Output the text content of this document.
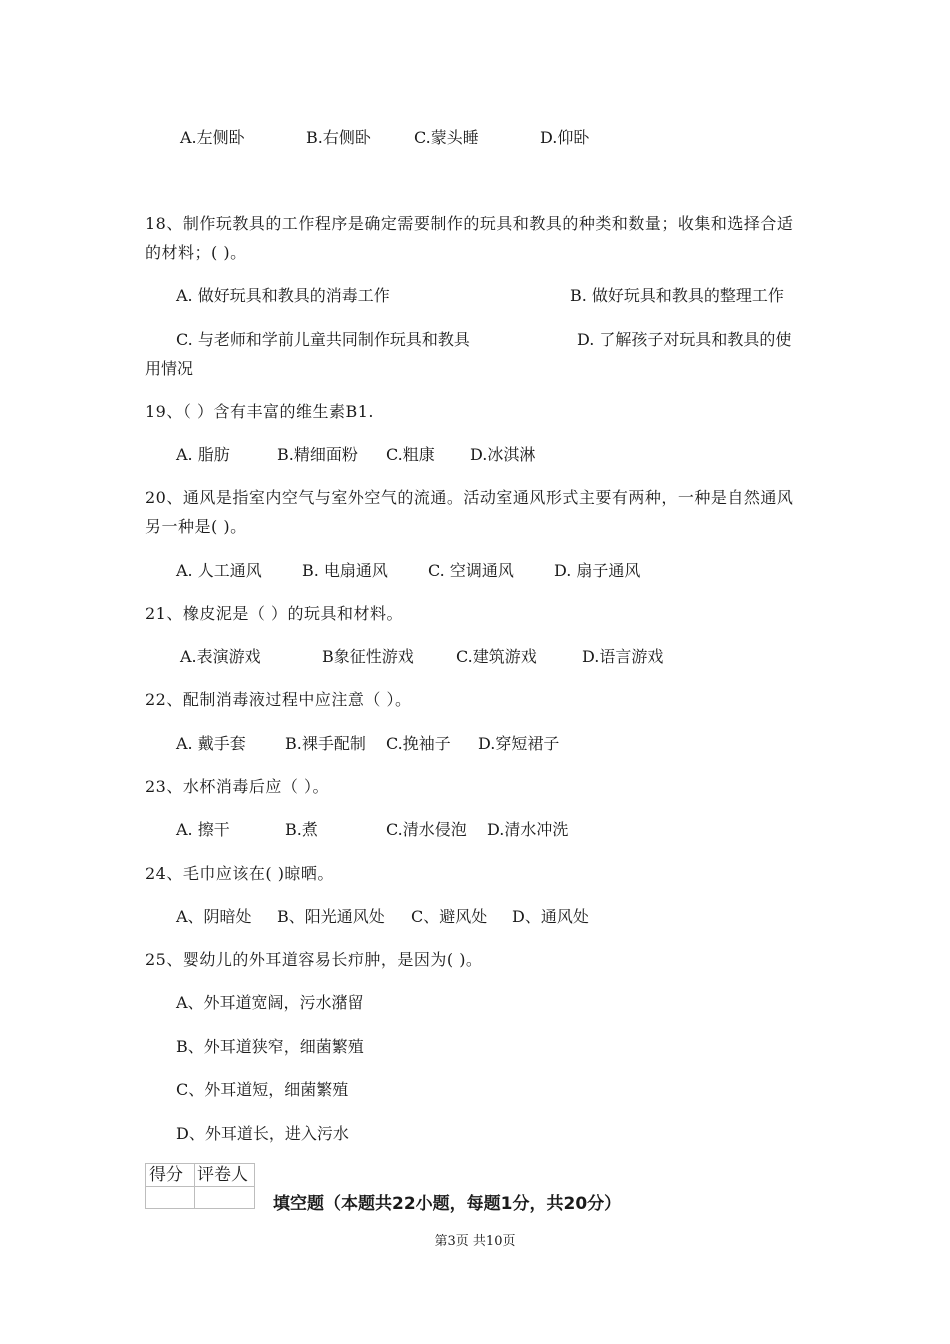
A.左侧卧	B.右侧卧	C.蒙头睡	D.仰卧
18、制作玩教具的工作程序是确定需要制作的玩具和教具的种类和数量；收集和选择合适
的材料；( )。
A. 做好玩具和教具的消毒工作	B. 做好玩具和教具的整理工作
C. 与老师和学前儿童共同制作玩具和教具	D. 了解孩子对玩具和教具的使
用情况
19、（ ）含有丰富的维生素B1.
A. 脂肪	B.精细面粉 C.粗康 D.冰淇淋
20、通风是指室内空气与室外空气的流通。活动室通风形式主要有两种，一种是自然通风
另一种是( )。
A. 人工通风	B. 电扇通风	C. 空调通风	D. 扇子通风
21、橡皮泥是（ ）的玩具和材料。
A.表演游戏	B象征性游戏	C.建筑游戏	D.语言游戏
22、配制消毒液过程中应注意（ ）。
A. 戴手套 B.裸手配制 C.挽袖子 D.穿短裙子
23、水杯消毒后应（ ）。
A. 擦干	B.煮	C.清水侵泡 D.清水冲洗
24、毛巾应该在( )晾晒。
A、阴暗处 B、阳光通风处 C、避风处 D、通风处
25、婴幼儿的外耳道容易长疖肿，是因为( )。
A、外耳道宽阔，污水潴留
B、外耳道狭窄，细菌繁殖
C、外耳道短，细菌繁殖
D、外耳道长，进入污水
得分 评卷人
填空题（本题共22小题，每题1分，共20分）
第3页 共10页
